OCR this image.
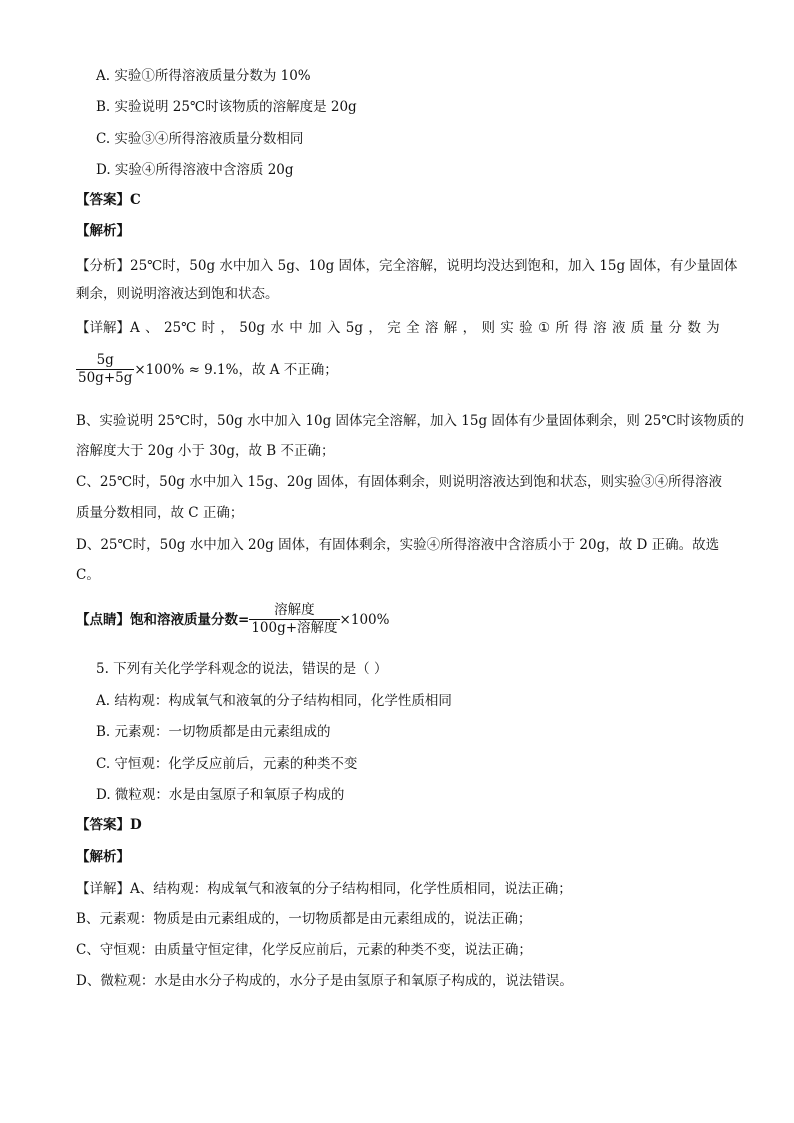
A. 实验①所得溶液质量分数为 10%
B. 实验说明 25℃时该物质的溶解度是 20g
C. 实验③④所得溶液质量分数相同
D. 实验④所得溶液中含溶质 20g
【答案】C
【解析】
【分析】25℃时，50g 水中加入 5g、10g 固体，完全溶解，说明均没达到饱和，加入 15g 固体，有少量固体
剩余，则说明溶液达到饱和状态。
【详解】A 、 25℃ 时 ， 50g 水 中 加 入 5g ， 完 全 溶 解 ， 则 实 验 ① 所 得 溶 液 质 量 分 数 为
$\frac{5g}{50g+5g} \times 100\% \approx 9.1\%$，故 A 不正确；
B、实验说明 25℃时，50g 水中加入 10g 固体完全溶解，加入 15g 固体有少量固体剩余，则 25℃时该物质的
溶解度大于 20g 小于 30g，故 B 不正确；
C、25℃时，50g 水中加入 15g、20g 固体，有固体剩余，则说明溶液达到饱和状态，则实验③④所得溶液
质量分数相同，故 C 正确；
D、25℃时，50g 水中加入 20g 固体，有固体剩余，实验④所得溶液中含溶质小于 20g，故 D 正确。故选
C。
【点睛】饱和溶液质量分数= $\frac{\text{溶解度}}{\text{100g+溶解度}} \times 100\%$
5. 下列有关化学学科观念的说法，错误的是（ ）
A. 结构观：构成氧气和液氧的分子结构相同，化学性质相同
B. 元素观：一切物质都是由元素组成的
C. 守恒观：化学反应前后，元素的种类不变
D. 微粒观：水是由氢原子和氧原子构成的
【答案】D
【解析】
【详解】A、结构观：构成氧气和液氧的分子结构相同，化学性质相同，说法正确；
B、元素观：物质是由元素组成的，一切物质都是由元素组成的，说法正确；
C、守恒观：由质量守恒定律，化学反应前后，元素的种类不变，说法正确；
D、微粒观：水是由水分子构成的，水分子是由氢原子和氧原子构成的，说法错误。
